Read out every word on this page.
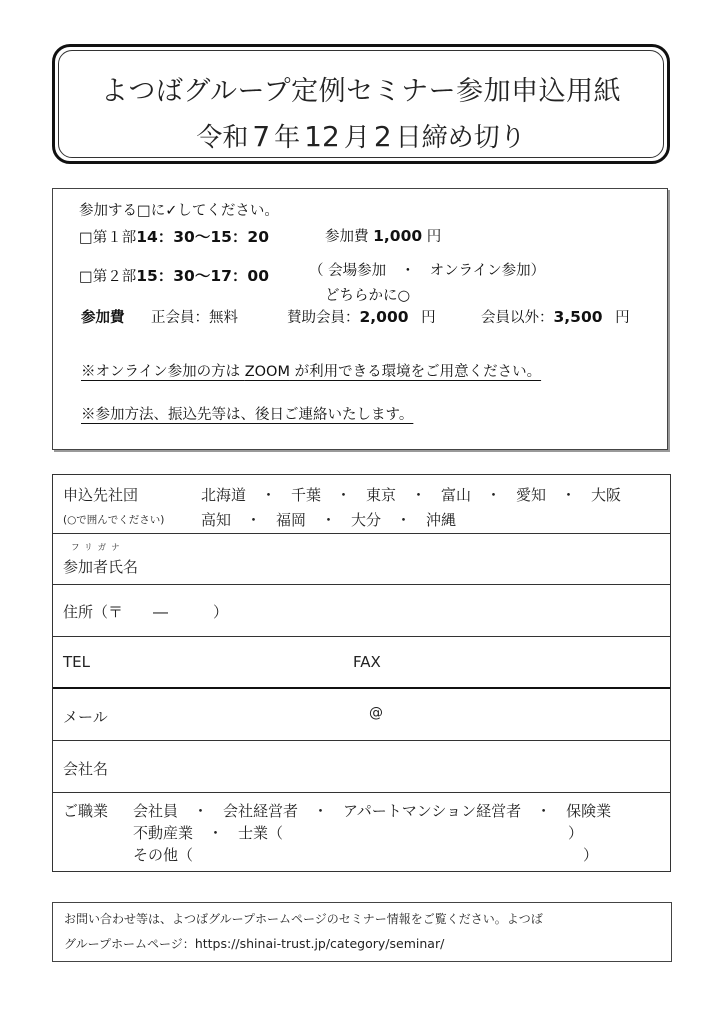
よつばグループ定例セミナー参加申込用紙
令和 7 年 12 月 2 日締め切り
参加する□に✓してください。
□第１部14：30〜15：20	参加費 1,000 円
□第２部15：30〜17：00	（ 会場参加　・　オンライン参加）
どちらかに○
参加費 正会員：無料	賛助会員：2,000 円	会員以外：3,500 円
※オンライン参加の方は ZOOM が利用できる環境をご用意ください。
※参加方法、振込先等は、後日ご連絡いたします。
申込先社団
(○で囲んでください)
北海道　・　千葉　・　東京　・　富山　・　愛知　・　大阪
高知　・　福岡　・　大分　・　沖縄
フリガナ
参加者氏名
住所（〒　　―　　　）
TEL	FAX
メール	@
会社名
ご職業 会社員　・　会社経営者　・　アパートマンション経営者　・　保険業
不動産業　・　士業（　　　　　　　　　　　　　　　　　　　）
その他（　　　　　　　　　　　　　　　　　　　　　　　　　　）
お問い合わせ等は、よつばグループホームページのセミナー情報をご覧ください。よつば
グループホームページ：https://shinai-trust.jp/category/seminar/
